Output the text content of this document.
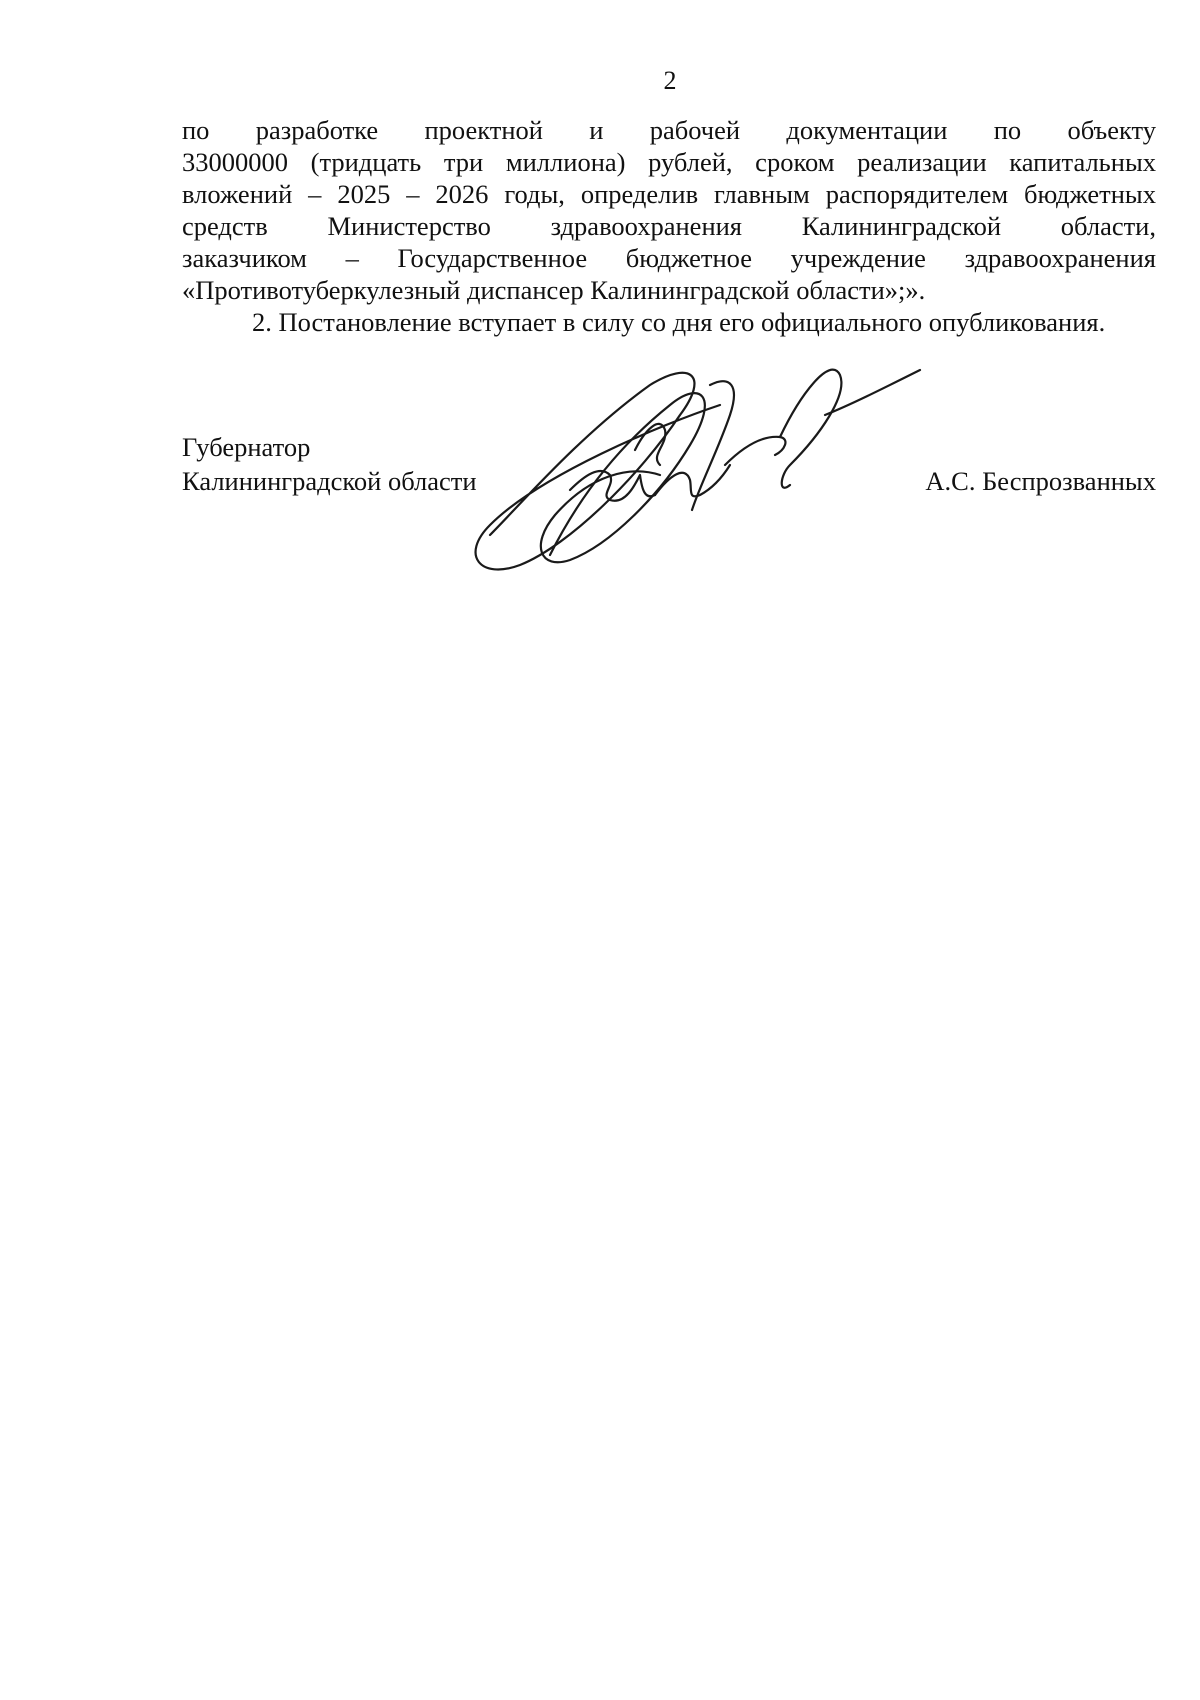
2

по разработке проектной и рабочей документации по объекту
33000000 (тридцать три миллиона) рублей, сроком реализации капитальных
вложений – 2025 – 2026 годы, определив главным распорядителем бюджетных
средств Министерство здравоохранения Калининградской области,
заказчиком – Государственное бюджетное учреждение здравоохранения
«Противотуберкулезный диспансер Калининградской области»;».

2. Постановление вступает в силу со дня его официального опубликования.

Губернатор
Калининградской области	А.С. Беспрозванных
